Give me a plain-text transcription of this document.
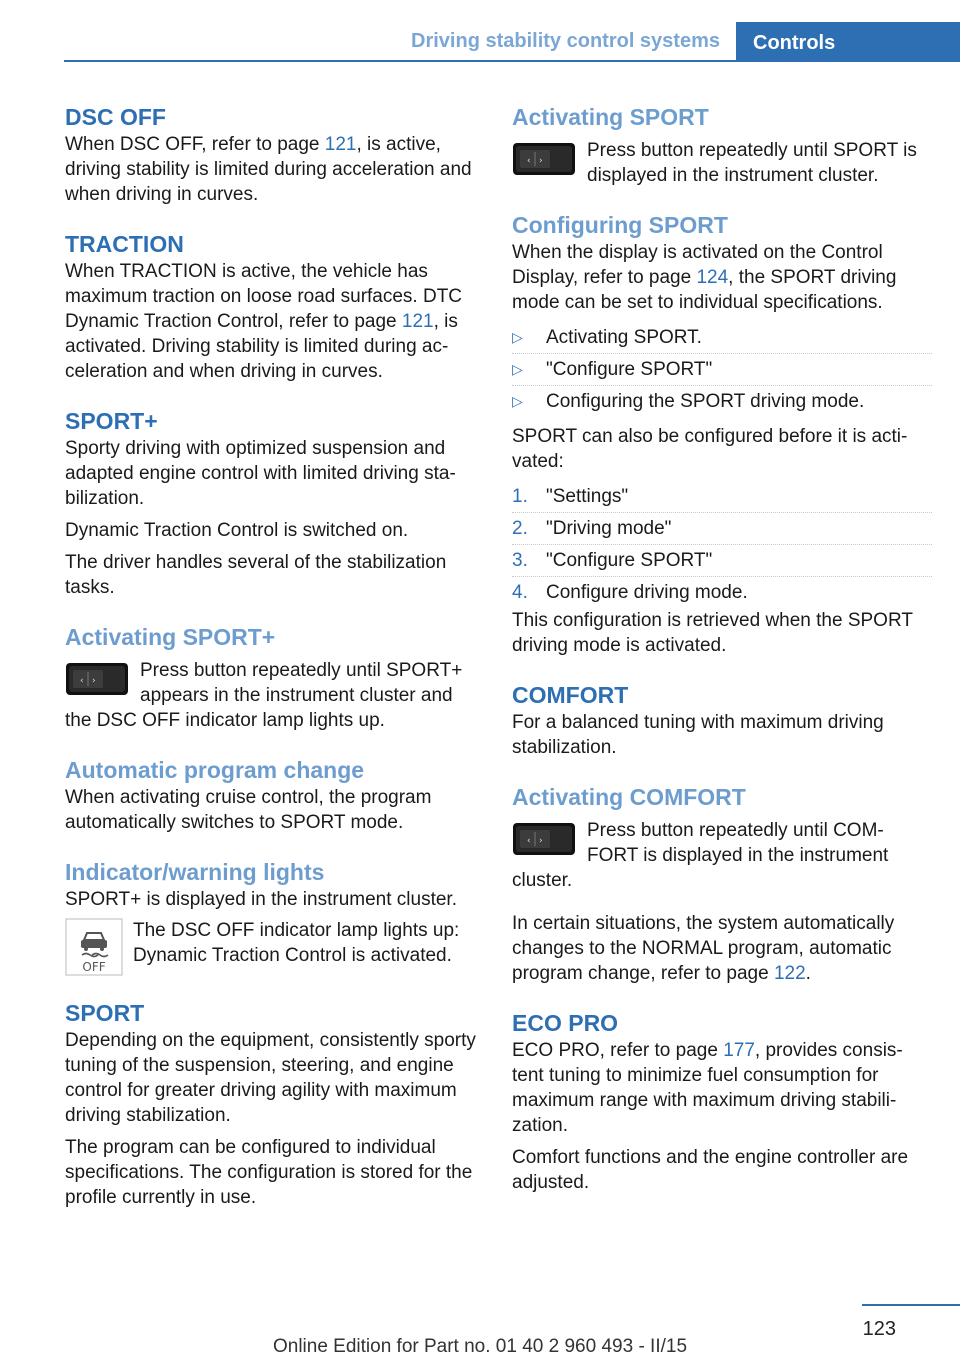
Driving stability control systems	Controls
DSC OFF

When DSC OFF, refer to page 121, is active, driving stability is limited during acceleration and when driving in curves.

TRACTION

When TRACTION is active, the vehicle has maximum traction on loose road surfaces. DTC Dynamic Traction Control, refer to page 121, is activated. Driving stability is limited during ac‐celeration and when driving in curves.

SPORT+

Sporty driving with optimized suspension and adapted engine control with limited driving sta‐bilization.

Dynamic Traction Control is switched on.

The driver handles several of the stabilization tasks.

Activating SPORT+
‹ ›	Press button repeatedly until SPORT+ appears in the instrument cluster and the DSC OFF indicator lamp lights up.

Automatic program change

When activating cruise control, the program automatically switches to SPORT mode.

Indicator/warning lights

SPORT+ is displayed in the instrument cluster.

OFF

The DSC OFF indicator lamp lights up: Dynamic Traction Control is activated.

SPORT

Depending on the equipment, consistently sporty tuning of the suspension, steering, and engine control for greater driving agility with maximum driving stabilization.

The program can be configured to individual specifications. The configuration is stored for the profile currently in use.

Activating SPORT
‹ › Press button repeatedly until SPORT is displayed in the instrument cluster.

Configuring SPORT

When the display is activated on the Control Display, refer to page 124, the SPORT driving mode can be set to individual specifications.

▷	Activating SPORT.
▷	"Configure SPORT"
▷	Configuring the SPORT driving mode.

SPORT can also be configured before it is acti‐vated:

1. "Settings"
2. "Driving mode"
3. "Configure SPORT"
4. Configure driving mode.

This configuration is retrieved when the SPORT driving mode is activated.

COMFORT

For a balanced tuning with maximum driving stabilization.

Activating COMFORT
‹ ›	Press button repeatedly until COM‐FORT is displayed in the instrument cluster.

In certain situations, the system automatically changes to the NORMAL program, automatic program change, refer to page 122.

ECO PRO

ECO PRO, refer to page 177, provides consis‐tent tuning to minimize fuel consumption for maximum range with maximum driving stabili‐zation.

Comfort functions and the engine controller are adjusted.

123
Online Edition for Part no. 01 40 2 960 493 - II/15
